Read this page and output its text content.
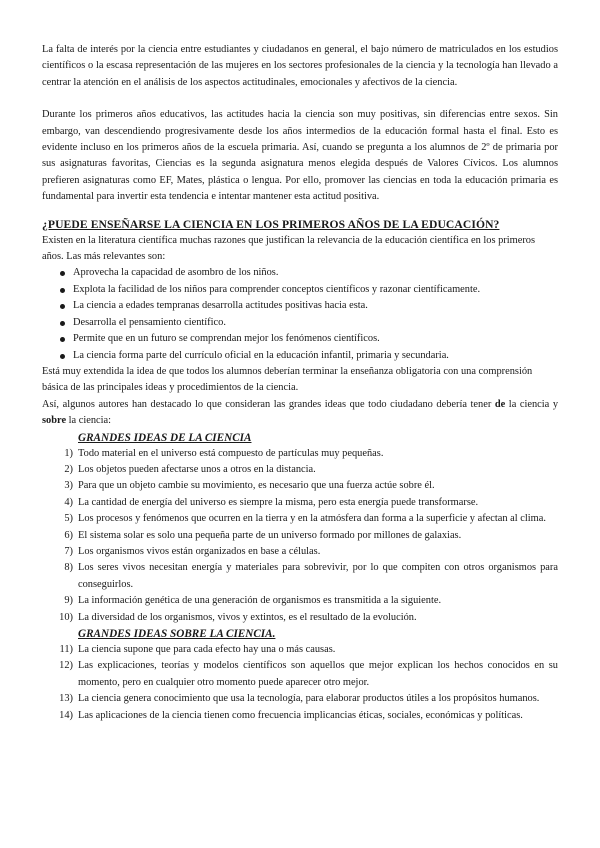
La falta de interés por la ciencia entre estudiantes y ciudadanos en general, el bajo número de matriculados en los estudios científicos o la escasa representación de las mujeres en los sectores profesionales de la ciencia y la tecnología han llevado a centrar la atención en el análisis de los aspectos actitudinales, emocionales y afectivos de la ciencia.

Durante los primeros años educativos, las actitudes hacia la ciencia son muy positivas, sin diferencias entre sexos. Sin embargo, van descendiendo progresivamente desde los años intermedios de la educación formal hasta el final. Esto es evidente incluso en los primeros años de la escuela primaria. Así, cuando se pregunta a los alumnos de 2º de primaria por sus asignaturas favoritas, Ciencias es la segunda asignatura menos elegida después de Valores Cívicos. Los alumnos prefieren asignaturas como EF, Mates, plástica o lengua. Por ello, promover las ciencias en toda la educación primaria es fundamental para invertir esta tendencia e intentar mantener esta actitud positiva.

¿PUEDE ENSEÑARSE LA CIENCIA EN LOS PRIMEROS AÑOS DE LA EDUCACIÓN?

Existen en la literatura científica muchas razones que justifican la relevancia de la educación científica en los primeros años. Las más relevantes son:

Aprovecha la capacidad de asombro de los niños.
Explota la facilidad de los niños para comprender conceptos científicos y razonar científicamente.
La ciencia a edades tempranas desarrolla actitudes positivas hacia esta.
Desarrolla el pensamiento científico.
Permite que en un futuro se comprendan mejor los fenómenos científicos.
La ciencia forma parte del currículo oficial en la educación infantil, primaria y secundaria.

Está muy extendida la idea de que todos los alumnos deberían terminar la enseñanza obligatoria con una comprensión básica de las principales ideas y procedimientos de la ciencia.

Así, algunos autores han destacado lo que consideran las grandes ideas que todo ciudadano debería tener de la ciencia y sobre la ciencia:

GRANDES IDEAS DE LA CIENCIA
1) Todo material en el universo está compuesto de partículas muy pequeñas.
2) Los objetos pueden afectarse unos a otros en la distancia.
3) Para que un objeto cambie su movimiento, es necesario que una fuerza actúe sobre él.
4) La cantidad de energía del universo es siempre la misma, pero esta energía puede transformarse.
5) Los procesos y fenómenos que ocurren en la tierra y en la atmósfera dan forma a la superficie y afectan al clima.
6) El sistema solar es solo una pequeña parte de un universo formado por millones de galaxias.
7) Los organismos vivos están organizados en base a células.
8) Los seres vivos necesitan energía y materiales para sobrevivir, por lo que compiten con otros organismos para conseguirlos.
9) La información genética de una generación de organismos es transmitida a la siguiente.
10) La diversidad de los organismos, vivos y extintos, es el resultado de la evolución.
GRANDES IDEAS SOBRE LA CIENCIA.
11) La ciencia supone que para cada efecto hay una o más causas.
12) Las explicaciones, teorías y modelos científicos son aquellos que mejor explican los hechos conocidos en su momento, pero en cualquier otro momento puede aparecer otro mejor.
13) La ciencia genera conocimiento que usa la tecnología, para elaborar productos útiles a los propósitos humanos.
14) Las aplicaciones de la ciencia tienen como frecuencia implicancias éticas, sociales, económicas y políticas.
